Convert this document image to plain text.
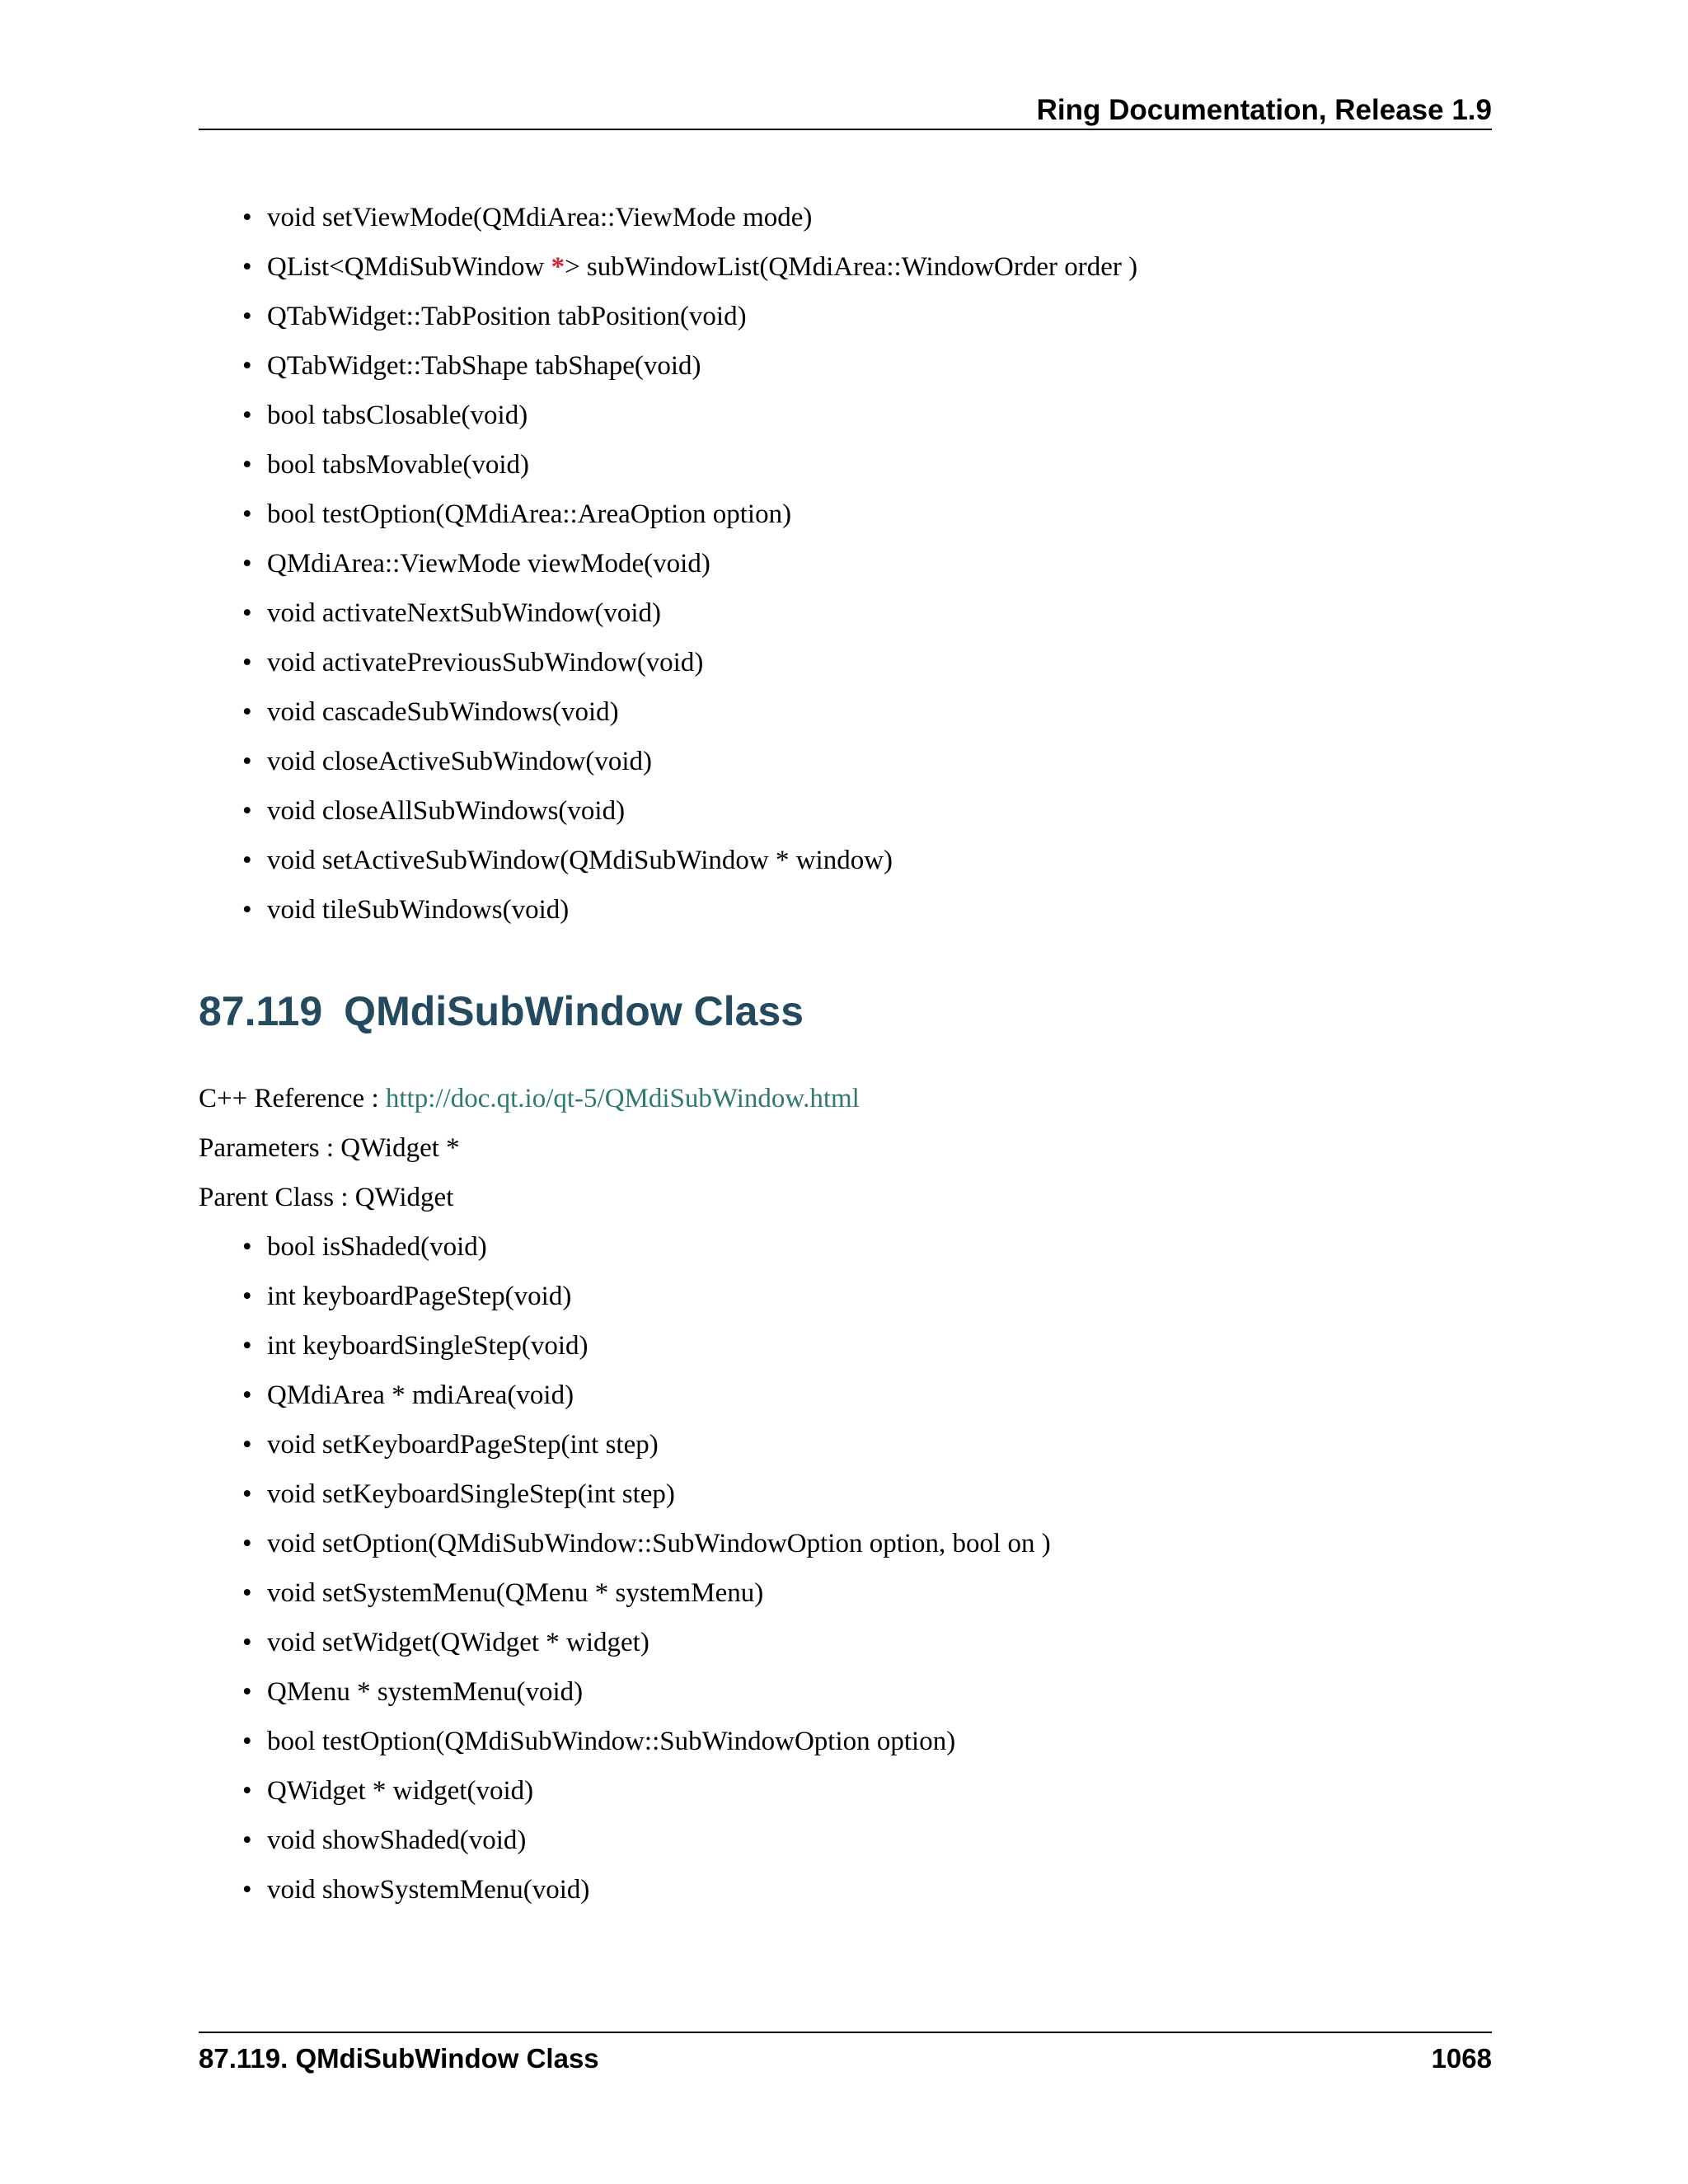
Ring Documentation, Release 1.9
• void setViewMode(QMdiArea::ViewMode mode)
• QList<QMdiSubWindow *> subWindowList(QMdiArea::WindowOrder order )
• QTabWidget::TabPosition tabPosition(void)
• QTabWidget::TabShape tabShape(void)
• bool tabsClosable(void)
• bool tabsMovable(void)
• bool testOption(QMdiArea::AreaOption option)
• QMdiArea::ViewMode viewMode(void)
• void activateNextSubWindow(void)
• void activatePreviousSubWindow(void)
• void cascadeSubWindows(void)
• void closeActiveSubWindow(void)
• void closeAllSubWindows(void)
• void setActiveSubWindow(QMdiSubWindow * window)
• void tileSubWindows(void)
87.119 QMdiSubWindow Class
C++ Reference : http://doc.qt.io/qt-5/QMdiSubWindow.html
Parameters : QWidget *
Parent Class : QWidget
• bool isShaded(void)
• int keyboardPageStep(void)
• int keyboardSingleStep(void)
• QMdiArea * mdiArea(void)
• void setKeyboardPageStep(int step)
• void setKeyboardSingleStep(int step)
• void setOption(QMdiSubWindow::SubWindowOption option, bool on )
• void setSystemMenu(QMenu * systemMenu)
• void setWidget(QWidget * widget)
• QMenu * systemMenu(void)
• bool testOption(QMdiSubWindow::SubWindowOption option)
• QWidget * widget(void)
• void showShaded(void)
• void showSystemMenu(void)
87.119. QMdiSubWindow Class	1068
